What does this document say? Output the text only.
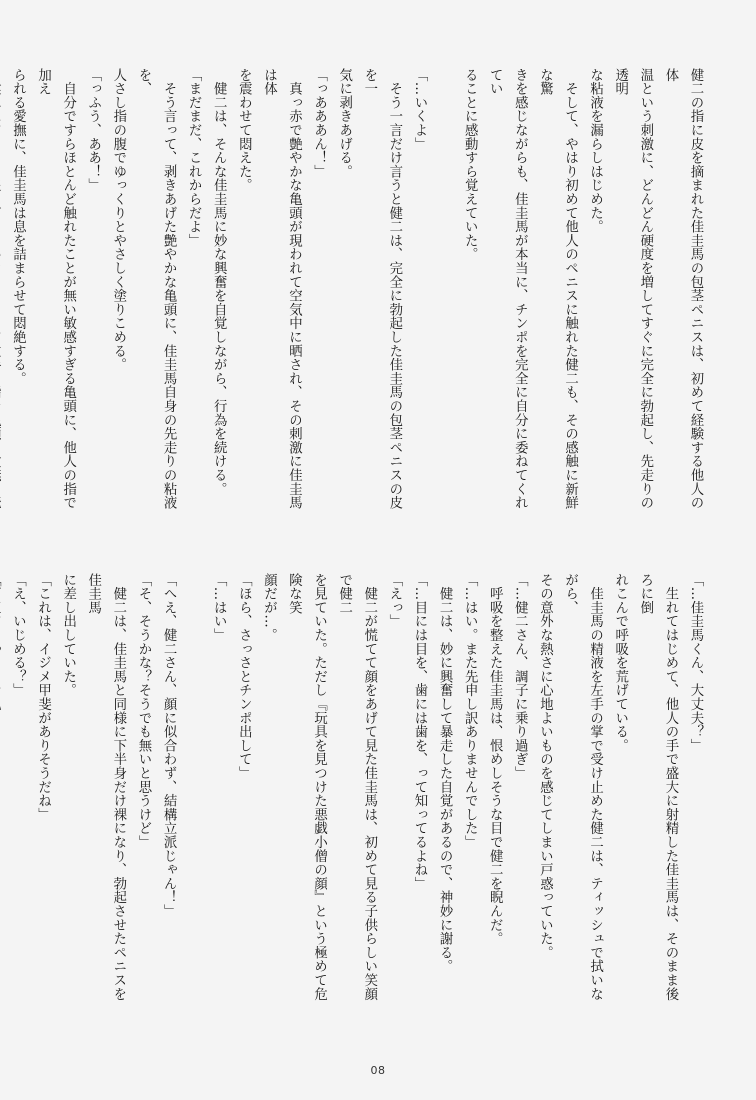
健二の指に皮を摘まれた佳圭馬の包茎ペニスは、初めて経験する他人の体
温という刺激に、どんどん硬度を増してすぐに完全に勃起し、先走りの透明
な粘液を漏らしはじめた。
　そして、やはり初めて他人のペニスに触れた健二も、その感触に新鮮な驚
きを感じながらも、佳圭馬が本当に、チンポを完全に自分に委ねてくれてい
ることに感動すら覚えていた。

「…いくよ」
　そう一言だけ言うと健二は、完全に勃起した佳圭馬の包茎ペニスの皮を一
気に剥きあげる。
「っあああん！」
　真っ赤で艶やかな亀頭が現われて空気中に晒され、その刺激に佳圭馬は体
を震わせて悶えた。
　健二は、そんな佳圭馬に妙な興奮を自覚しながら、行為を続ける。
「まだまだ、これからだよ」
　そう言って、剥きあげた艶やかな亀頭に、佳圭馬自身の先走りの粘液を、
人さし指の腹でゆっくりとやさしく塗りこめる。
「っふう、ああ！」
　自分ですらほとんど触れたことが無い敏感すぎる亀頭に、他人の指で加え
られる愛撫に、佳圭馬は息を詰まらせて悶絶する。
「…佳圭馬くん、大丈夫？」
　生れてはじめて、他人の手で盛大に射精した佳圭馬は、そのまま後ろに倒
れこんで呼吸を荒げている。
　佳圭馬の精液を左手の掌で受け止めた健二は、ティッシュで拭いながら、
その意外な熱さに心地よいものを感じてしまい戸惑っていた。
「…健二さん、調子に乗り過ぎ」
　呼吸を整えた佳圭馬は、恨めしそうな目で健二を睨んだ。
「…はい。また先申し訳ありませんでした」
　健二は、妙に興奮して暴走した自覚があるので、神妙に謝る。
「…目には目を、歯には歯を、って知ってるよね」
「えっ」
　健二が慌てて顔をあげて見た佳圭馬は、初めて見る子供らしい笑顔で健二
を見ていた。ただし『玩具を見つけた悪戯小僧の顔』という極めて危険な笑
顔だが…。
「ほら、さっさとチンポ出して」
「…はい」

「へえ、健二さん、顔に似合わず、結構立派じゃん！」
「そ、そうかな？そうでも無いと思うけど」
　健二は、佳圭馬と同様に下半身だけ裸になり、勃起させたペニスを佳圭馬
に差し出していた。
「これは、イジメ甲斐がありそうだね」
「え、いじめる？」
08
